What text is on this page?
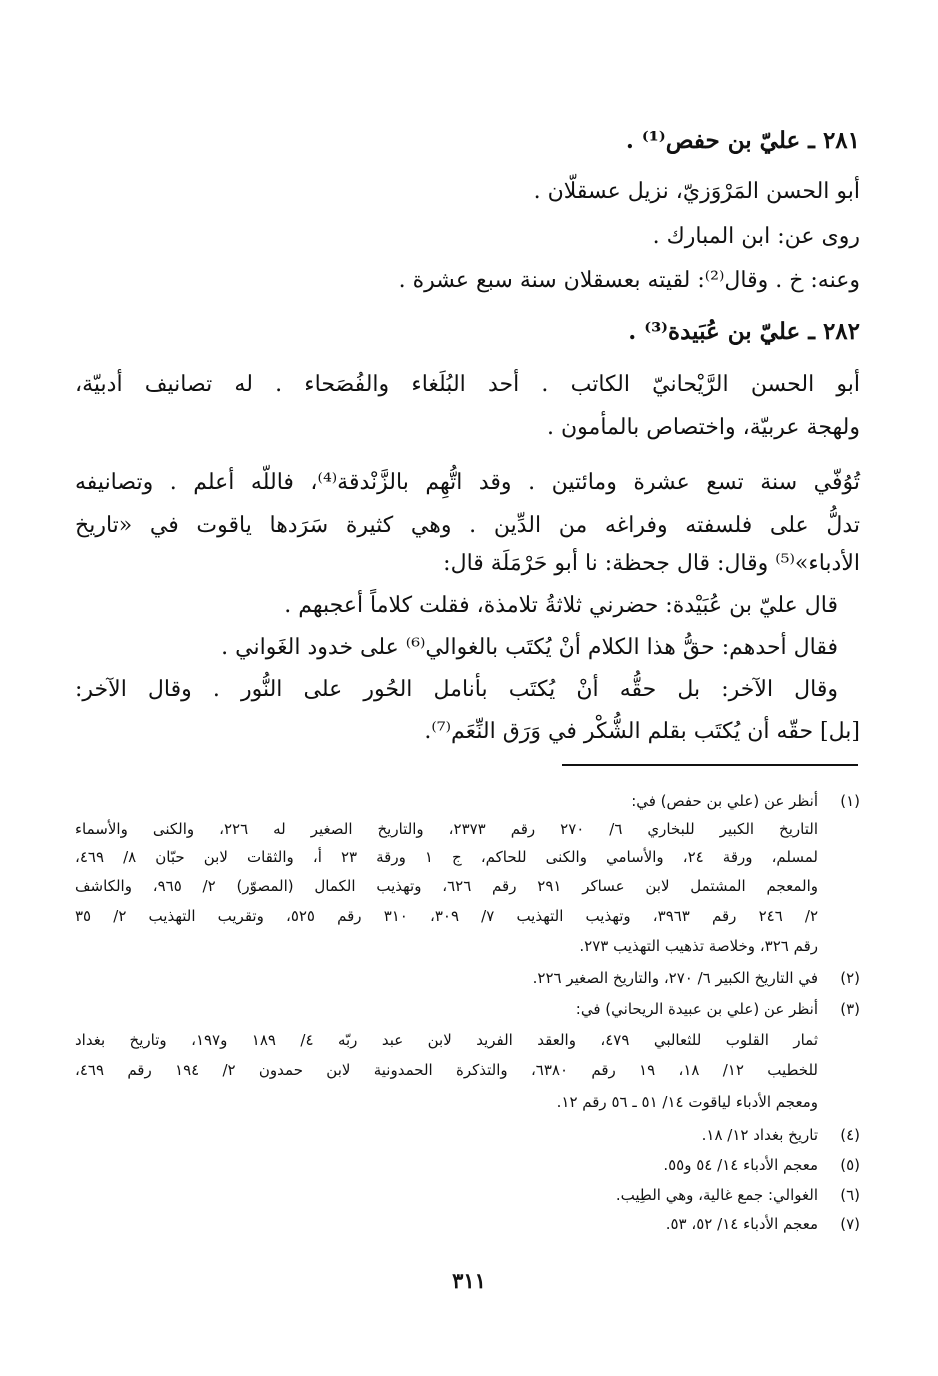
٢٨١ ـ عليّ بن حفص⁽¹⁾ .
أبو الحسن المَرْوَزيّ، نزيل عسقلّان .
روى عن: ابن المبارك .
وعنه: خ . وقال⁽²⁾: لقيته بعسقلان سنة سبع عشرة .
٢٨٢ ـ عليّ بن عُبَيدة⁽³⁾ .
أبو الحسن الرَّيْحانيّ الكاتب . أحد البُلَغاء والفُصَحاء . له تصانيف أدبيّة،
ولهجة عربيّة، واختصاص بالمأمون .
تُوُفّي سنة تسع عشرة ومائتين . وقد اتُّهِم بالزَّنْدقة⁽⁴⁾، فاللّه أعلم . وتصانيفه
تدلُّ على فلسفته وفراغه من الدِّين . وهي كثيرة سَرَدها ياقوت في «تاريخ
الأدباء»⁽⁵⁾ وقال: قال جحظة: نا أبو حَرْمَلَة قال:
قال عليّ بن عُبَيْدة: حضرني ثلاثةُ تلامذة، فقلت كلاماً أعجبهم .
فقال أحدهم: حقُّ هذا الكلام أنْ يُكتَب بالغوالي⁽⁶⁾ على خدود الغَواني .
وقال الآخر: بل حقُّه أنْ يُكتَب بأنامل الحُور على النُّور . وقال الآخر:
[بل] حقّه أن يُكتَب بقلم الشُّكْر في وَرَق النِّعَم⁽⁷⁾.
(١)
أنظر عن (علي بن حفص) في:
التاريخ الكبير للبخاري ٦/ ٢٧٠ رقم ٢٣٧٣، والتاريخ الصغير له ٢٢٦، والكنى والأسماء
لمسلم، ورقة ٢٤، والأسامي والكنى للحاكم، ج ١ ورقة ٢٣ أ، والثقات لابن حبّان ٨/ ٤٦٩،
والمعجم المشتمل لابن عساكر ٢٩١ رقم ٦٢٦، وتهذيب الكمال (المصوّر) ٢/ ٩٦٥، والكاشف
٢/ ٢٤٦ رقم ٣٩٦٣، وتهذيب التهذيب ٧/ ٣٠٩، ٣١٠ رقم ٥٢٥، وتقريب التهذيب ٢/ ٣٥
رقم ٣٢٦، وخلاصة تذهيب التهذيب ٢٧٣.
(٢)
في التاريخ الكبير ٦/ ٢٧٠، والتاريخ الصغير ٢٢٦.
(٣)
أنظر عن (علي بن عبيدة الريحاني) في:
ثمار القلوب للثعالبي ٤٧٩، والعقد الفريد لابن عبد ربّه ٤/ ١٨٩ و١٩٧، وتاريخ بغداد
للخطيب ١٢/ ١٨، ١٩ رقم ٦٣٨٠، والتذكرة الحمدونية لابن حمدون ٢/ ١٩٤ رقم ٤٦٩،
ومعجم الأدباء لياقوت ١٤/ ٥١ ـ ٥٦ رقم ١٢.
(٤)
تاريخ بغداد ١٢/ ١٨.
(٥)
معجم الأدباء ١٤/ ٥٤ و٥٥.
(٦)
الغوالي: جمع غالية، وهي الطِيب.
(٧)
معجم الأدباء ١٤/ ٥٢، ٥٣.
٣١١
